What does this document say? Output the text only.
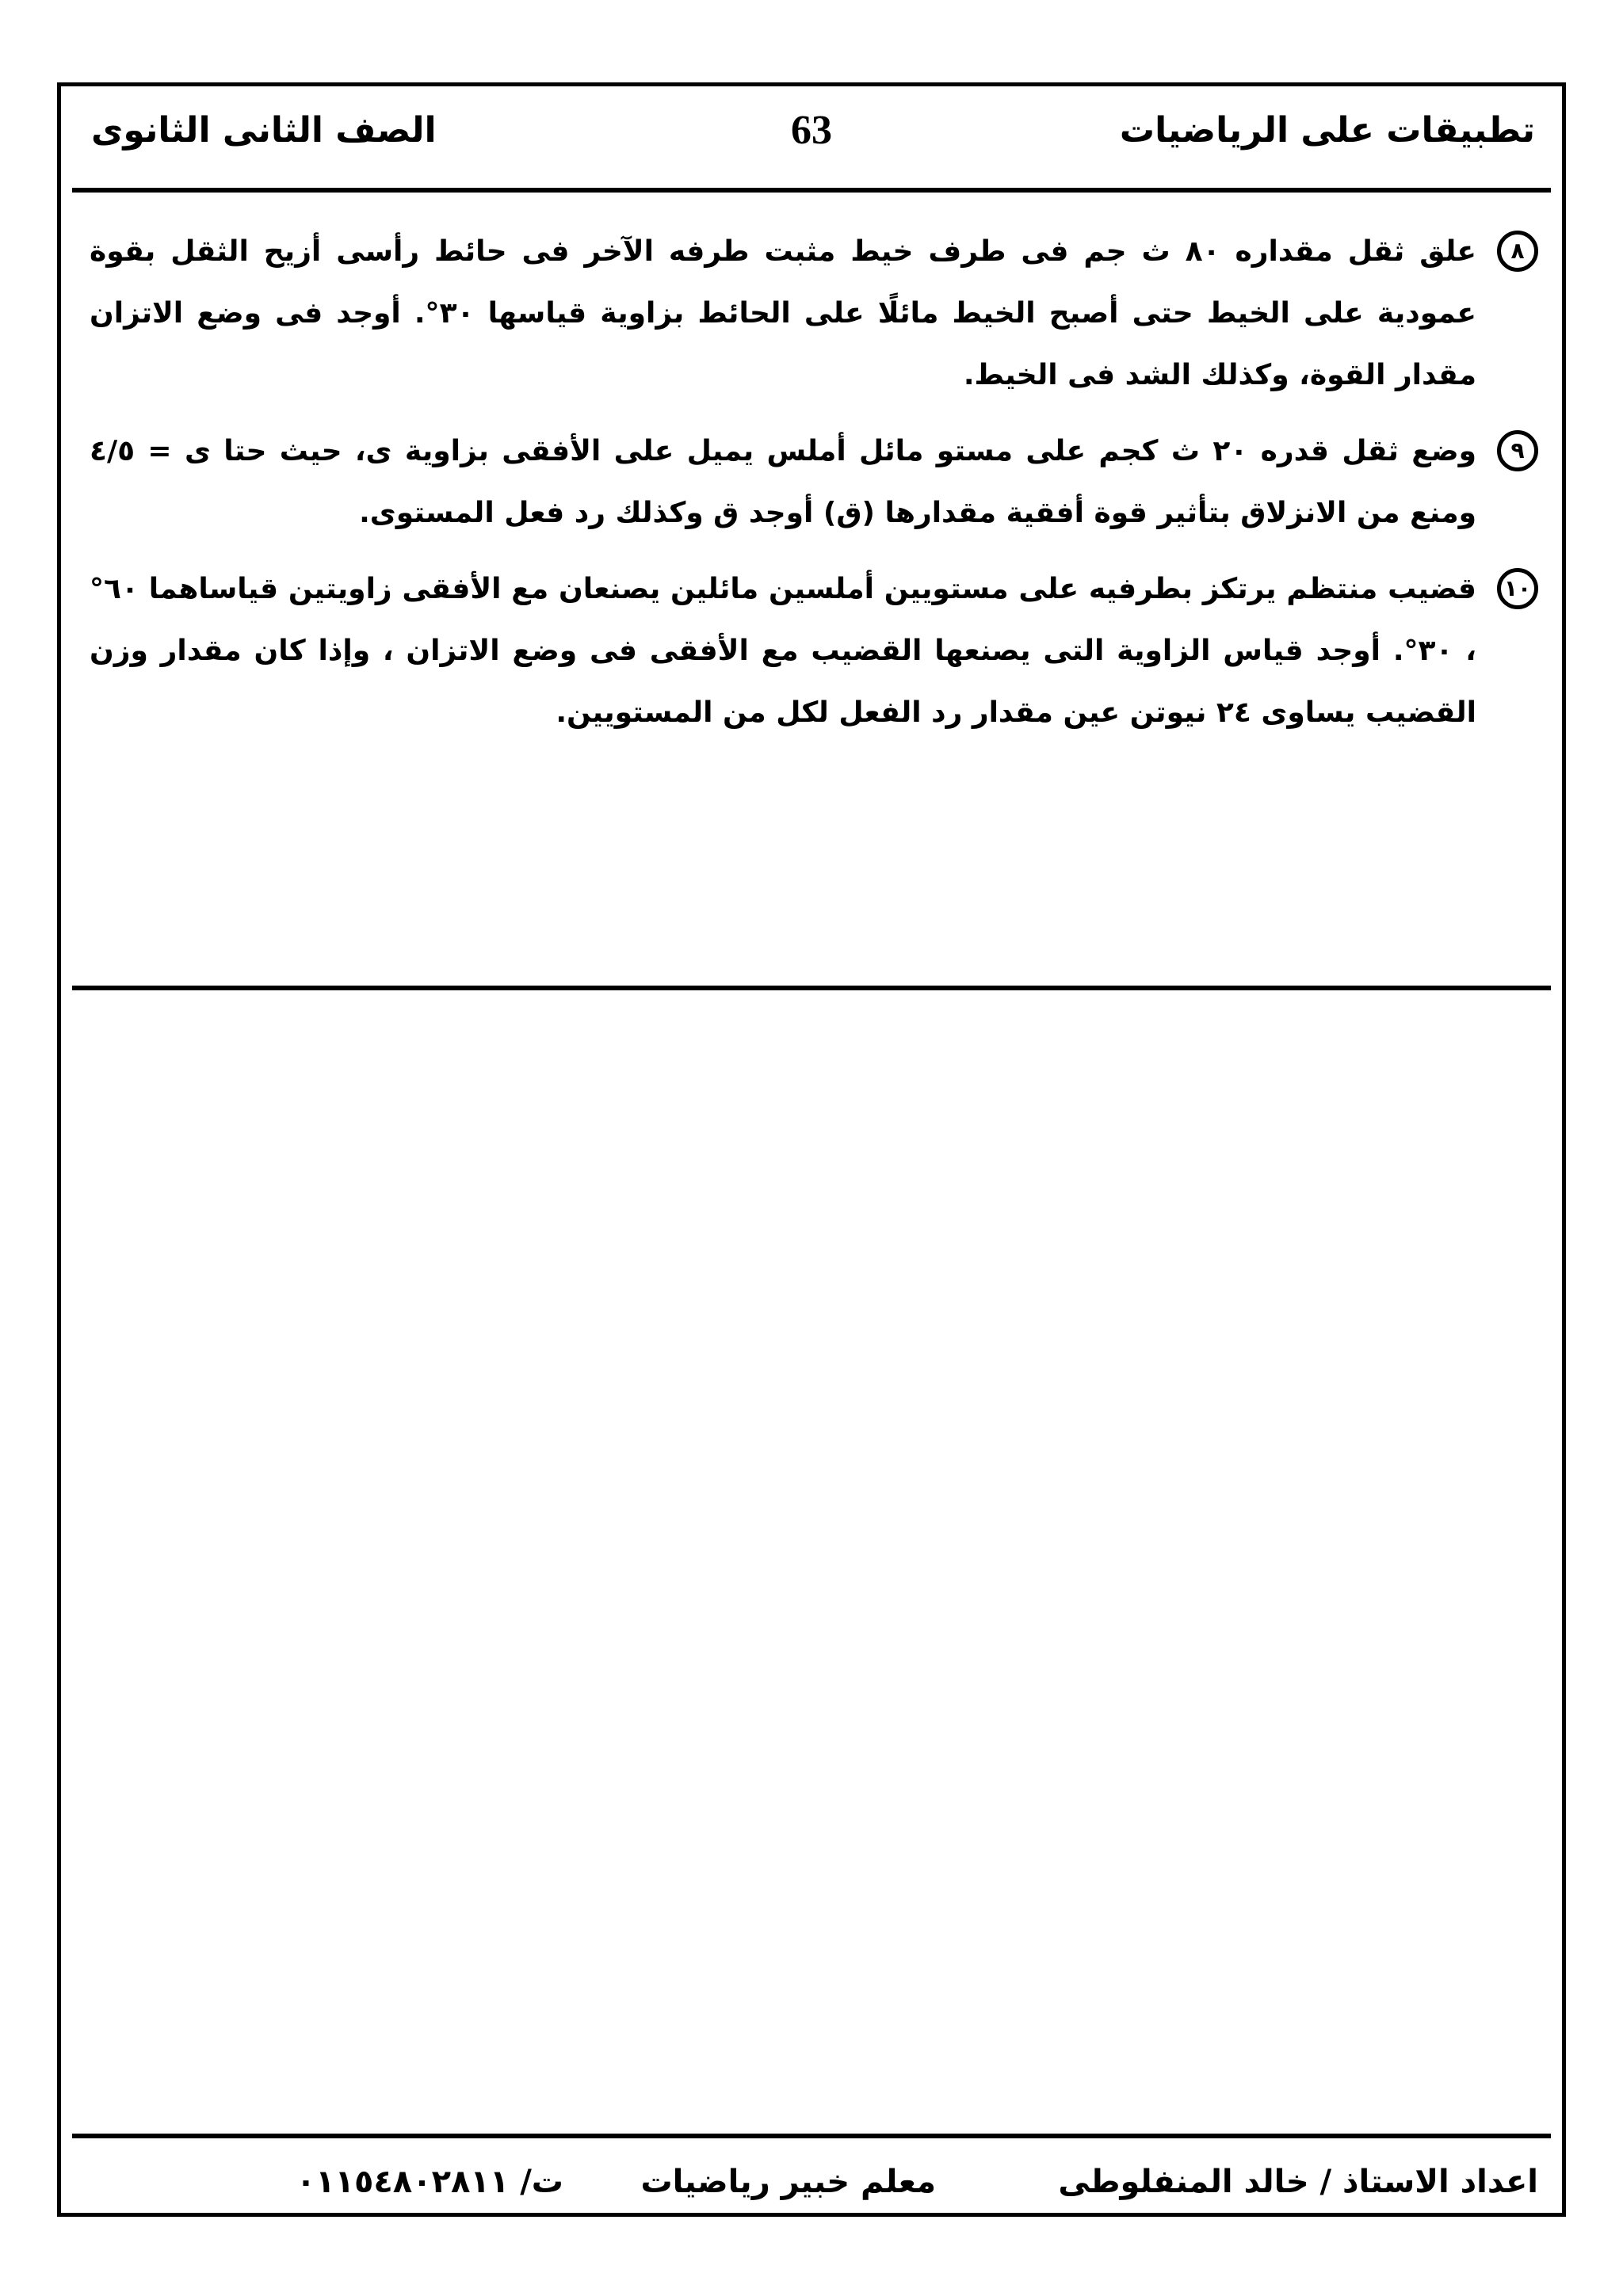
تطبيقات على الرياضيات
63
الصف الثانى الثانوى
٨
علق ثقل مقداره ٨٠ ث جم فى طرف خيط مثبت طرفه الآخر فى حائط رأسى أزيح الثقل بقوة عمودية على الخيط حتى أصبح الخيط مائلًا على الحائط بزاوية قياسها ٣٠°. أوجد فى وضع الاتزان مقدار القوة، وكذلك الشد فى الخيط.
٩
وضع ثقل قدره ٢٠ ث كجم على مستو مائل أملس يميل على الأفقى بزاوية ى، حيث حتا ى = ٤/٥ ومنع من الانزلاق بتأثير قوة أفقية مقدارها (ق) أوجد ق وكذلك رد فعل المستوى.
١٠
قضيب منتظم يرتكز بطرفيه على مستويين أملسين مائلين يصنعان مع الأفقى زاويتين قياساهما ٦٠° ، ٣٠°. أوجد قياس الزاوية التى يصنعها القضيب مع الأفقى فى وضع الاتزان ، وإذا كان مقدار وزن القضيب يساوى ٢٤ نيوتن عين مقدار رد الفعل لكل من المستويين.
اعداد الاستاذ / خالد المنفلوطى
معلم خبير رياضيات
ت/ ٠١١٥٤٨٠٢٨١١
